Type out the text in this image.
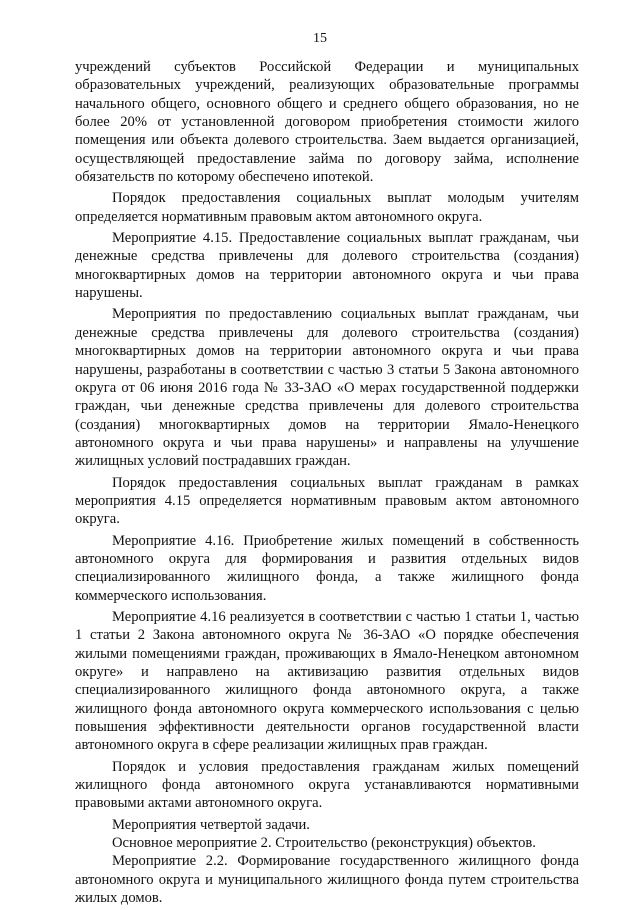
15

учреждений субъектов Российской Федерации и муниципальных образовательных учреждений, реализующих образовательные программы начального общего, основного общего и среднего общего образования, но не более 20% от установленной договором приобретения стоимости жилого помещения или объекта долевого строительства. Заем выдается организацией, осуществляющей предоставление займа по договору займа, исполнение обязательств по которому обеспечено ипотекой.

Порядок предоставления социальных выплат молодым учителям определяется нормативным правовым актом автономного округа.

Мероприятие 4.15. Предоставление социальных выплат гражданам, чьи денежные средства привлечены для долевого строительства (создания) многоквартирных домов на территории автономного округа и чьи права нарушены.

Мероприятия по предоставлению социальных выплат гражданам, чьи денежные средства привлечены для долевого строительства (создания) многоквартирных домов на территории автономного округа и чьи права нарушены, разработаны в соответствии с частью 3 статьи 5 Закона автономного округа от 06 июня 2016 года № 33-ЗАО «О мерах государственной поддержки граждан, чьи денежные средства привлечены для долевого строительства (создания) многоквартирных домов на территории Ямало-Ненецкого автономного округа и чьи права нарушены» и направлены на улучшение жилищных условий пострадавших граждан.

Порядок предоставления социальных выплат гражданам в рамках мероприятия 4.15 определяется нормативным правовым актом автономного округа.

Мероприятие 4.16. Приобретение жилых помещений в собственность автономного округа для формирования и развития отдельных видов специализированного жилищного фонда, а также жилищного фонда коммерческого использования.

Мероприятие 4.16 реализуется в соответствии с частью 1 статьи 1, частью 1 статьи 2 Закона автономного округа № 36-ЗАО «О порядке обеспечения жилыми помещениями граждан, проживающих в Ямало-Ненецком автономном округе» и направлено на активизацию развития отдельных видов специализированного жилищного фонда автономного округа, а также жилищного фонда автономного округа коммерческого использования с целью повышения эффективности деятельности органов государственной власти автономного округа в сфере реализации жилищных прав граждан.

Порядок и условия предоставления гражданам жилых помещений жилищного фонда автономного округа устанавливаются нормативными правовыми актами автономного округа.

Мероприятия четвертой задачи.

Основное мероприятие 2. Строительство (реконструкция) объектов.

Мероприятие 2.2. Формирование государственного жилищного фонда автономного округа и муниципального жилищного фонда путем строительства жилых домов.
